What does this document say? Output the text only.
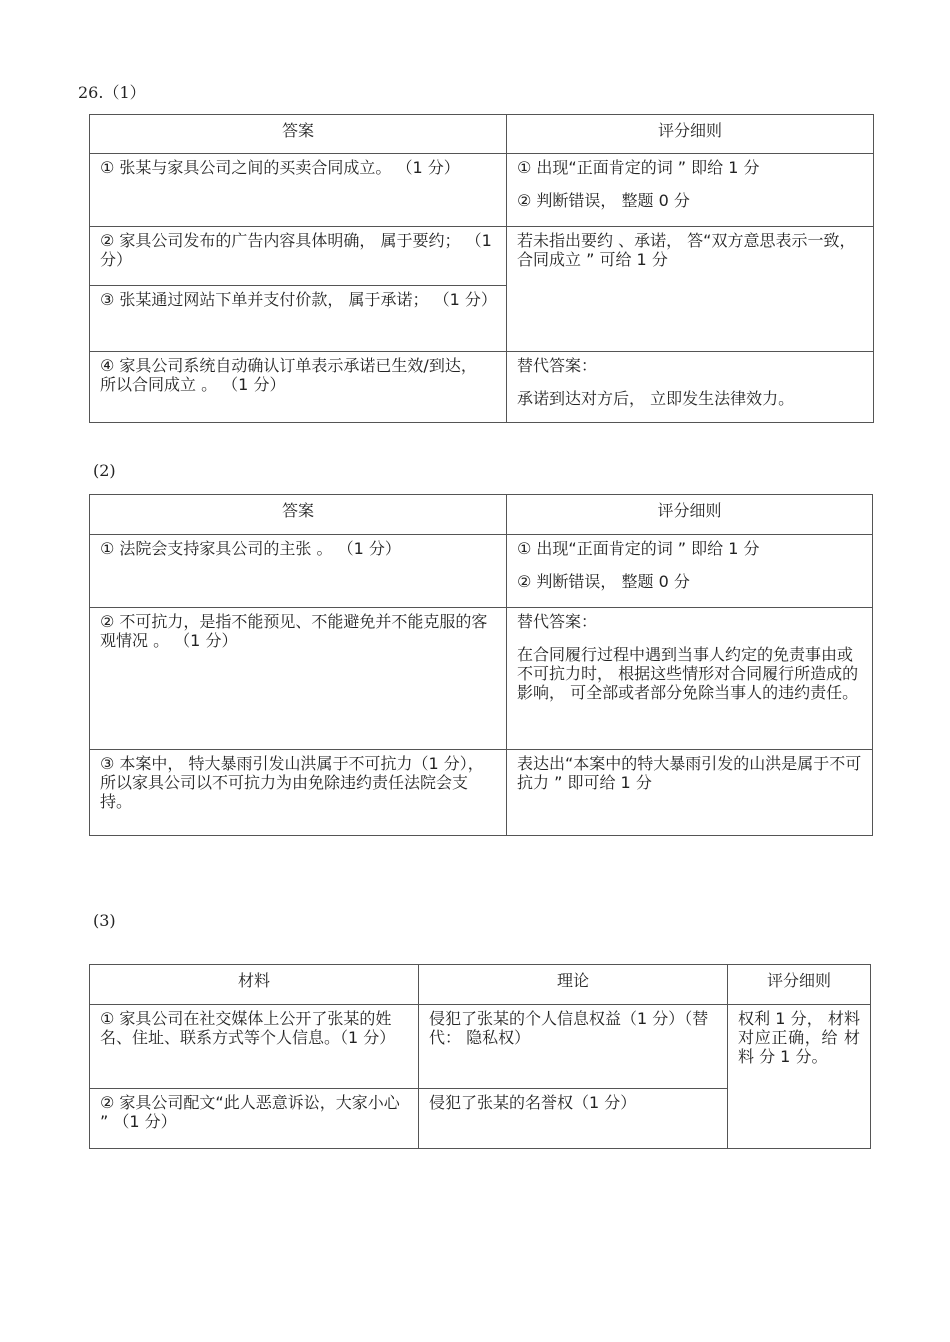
26.（1）
答案	评分细则

① 张某与家具公司之间的买卖合同成立。 （1 分）	① 出现“正面肯定的词 ” 即给 1 分

② 判断错误， 整题 0 分

② 家具公司发布的广告内容具体明确， 属于要约； （1 分）	若未指出要约 、承诺， 答“双方意思表示一致， 合同成立 ” 可给 1 分

③ 张某通过网站下单并支付价款， 属于承诺； （1 分）	

④ 家具公司系统自动确认订单表示承诺已生效/到达， 所以合同成立 。 （1 分）	替代答案：

承诺到达对方后， 立即发生法律效力。

(2)
答案	评分细则

① 法院会支持家具公司的主张 。 （1 分）	① 出现“正面肯定的词 ” 即给 1 分

② 判断错误， 整题 0 分

② 不可抗力，是指不能预见、不能避免并不能克服的客观情况 。 （1 分）	替代答案：

在合同履行过程中遇到当事人约定的免责事由或不可抗力时， 根据这些情形对合同履行所造成的影响， 可全部或者部分免除当事人的违约责任。

③ 本案中， 特大暴雨引发山洪属于不可抗力（1 分）， 所以家具公司以不可抗力为由免除违约责任法院会支持。	表达出“本案中的特大暴雨引发的山洪是属于不可抗力 ” 即可给 1 分

(3)
材料	理论	评分细则

① 家具公司在社交媒体上公开了张某的姓名、住址、联系方式等个人信息。（1 分）	侵犯了张某的个人信息权益（1 分）（替代： 隐私权）	权利 1 分， 材料对应正确，给 材 料 分 1 分。

② 家具公司配文“此人恶意诉讼，大家小心 ” （1 分）	侵犯了张某的名誉权（1 分）	
